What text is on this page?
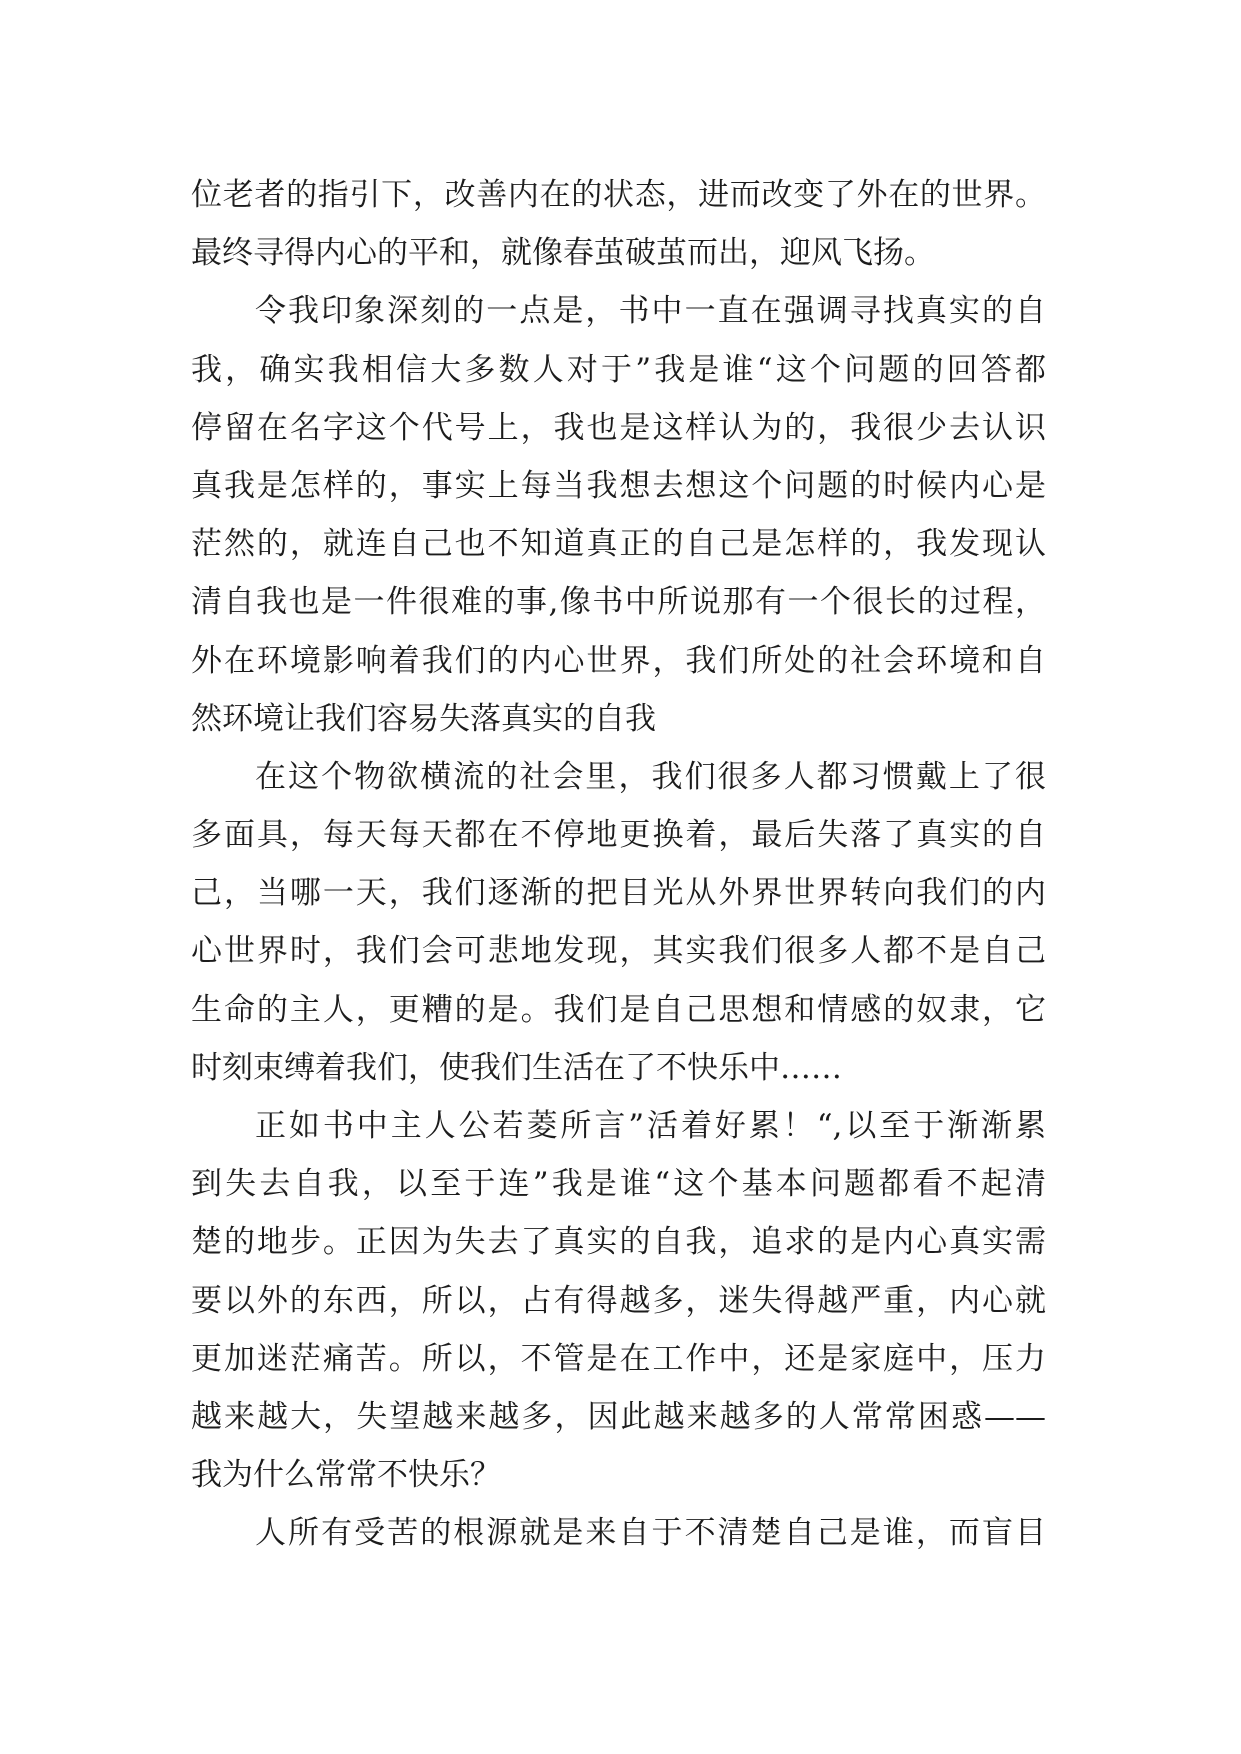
位老者的指引下，改善内在的状态，进而改变了外在的世界。
最终寻得内心的平和，就像春茧破茧而出，迎风飞扬。
令我印象深刻的一点是，书中一直在强调寻找真实的自
我，确实我相信大多数人对于”我是谁“这个问题的回答都
停留在名字这个代号上，我也是这样认为的，我很少去认识
真我是怎样的，事实上每当我想去想这个问题的时候内心是
茫然的，就连自己也不知道真正的自己是怎样的，我发现认
清自我也是一件很难的事,像书中所说那有一个很长的过程，
外在环境影响着我们的内心世界，我们所处的社会环境和自
然环境让我们容易失落真实的自我
在这个物欲横流的社会里，我们很多人都习惯戴上了很
多面具，每天每天都在不停地更换着，最后失落了真实的自
己，当哪一天，我们逐渐的把目光从外界世界转向我们的内
心世界时，我们会可悲地发现，其实我们很多人都不是自己
生命的主人，更糟的是。我们是自己思想和情感的奴隶，它
时刻束缚着我们，使我们生活在了不快乐中……
正如书中主人公若菱所言”活着好累！“,以至于渐渐累
到失去自我，以至于连”我是谁“这个基本问题都看不起清
楚的地步。正因为失去了真实的自我，追求的是内心真实需
要以外的东西，所以，占有得越多，迷失得越严重，内心就
更加迷茫痛苦。所以，不管是在工作中，还是家庭中，压力
越来越大，失望越来越多，因此越来越多的人常常困惑——
我为什么常常不快乐？
人所有受苦的根源就是来自于不清楚自己是谁，而盲目
